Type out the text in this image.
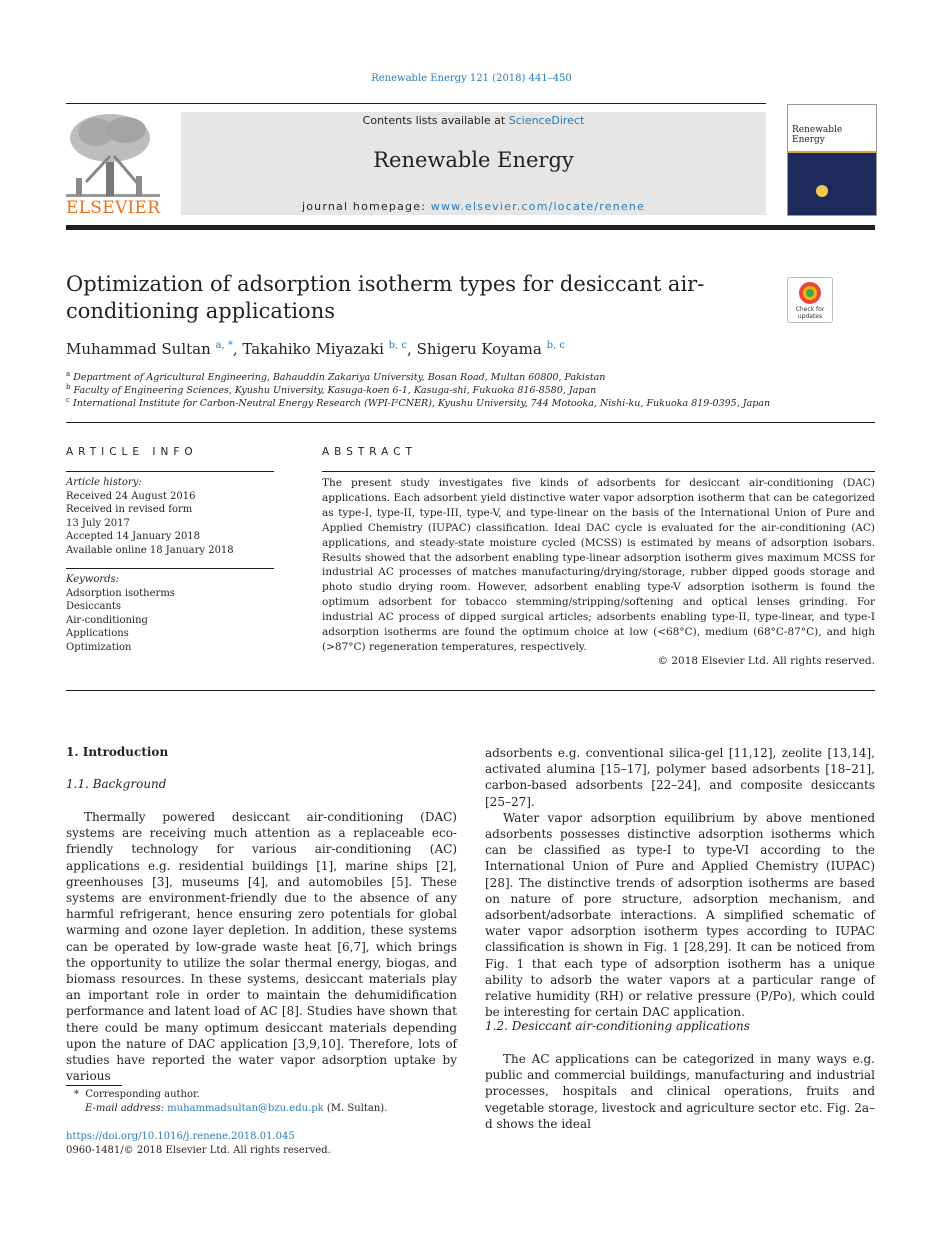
Renewable Energy 121 (2018) 441–450
ELSEVIER
Contents lists available at ScienceDirect
Renewable Energy
journal homepage: www.elsevier.com/locate/renene
Renewable Energy
Optimization of adsorption isotherm types for desiccant air-conditioning applications	Check for updates
Muhammad Sultan $^{a, *}$, Takahiko Miyazaki $^{b, c}$, Shigeru Koyama $^{b, c}$
$^a$ Department of Agricultural Engineering, Bahauddin Zakariya University, Bosan Road, Multan 60800, Pakistan
$^b$ Faculty of Engineering Sciences, Kyushu University, Kasuga-koen 6-1, Kasuga-shi, Fukuoka 816-8580, Japan
$^c$ International Institute for Carbon-Neutral Energy Research (WPI-I²CNER), Kyushu University, 744 Motooka, Nishi-ku, Fukuoka 819-0395, Japan
ARTICLE INFO
Article history:
Received 24 August 2016
Received in revised form
13 July 2017
Accepted 14 January 2018
Available online 18 January 2018
Keywords:
Adsorption isotherms
Desiccants
Air-conditioning
Applications
Optimization
ABSTRACT
The present study investigates five kinds of adsorbents for desiccant air-conditioning (DAC) applications. Each adsorbent yield distinctive water vapor adsorption isotherm that can be categorized as type-I, type-II, type-III, type-V, and type-linear on the basis of the International Union of Pure and Applied Chemistry (IUPAC) classification. Ideal DAC cycle is evaluated for the air-conditioning (AC) applications, and steady-state moisture cycled (MCSS) is estimated by means of adsorption isobars. Results showed that the adsorbent enabling type-linear adsorption isotherm gives maximum MCSS for industrial AC processes of matches manufacturing/drying/storage, rubber dipped goods storage and photo studio drying room. However, adsorbent enabling type-V adsorption isotherm is found the optimum adsorbent for tobacco stemming/stripping/softening and optical lenses grinding. For industrial AC process of dipped surgical articles; adsorbents enabling type-II, type-linear, and type-I adsorption isotherms are found the optimum choice at low (<68°C), medium (68°C-87°C), and high (>87°C) regeneration temperatures, respectively.
© 2018 Elsevier Ltd. All rights reserved.
1. Introduction
1.1. Background

Thermally powered desiccant air-conditioning (DAC) systems are receiving much attention as a replaceable eco-friendly technology for various air-conditioning (AC) applications e.g. residential buildings [1], marine ships [2], greenhouses [3], museums [4], and automobiles [5]. These systems are environment-friendly due to the absence of any harmful refrigerant, hence ensuring zero potentials for global warming and ozone layer depletion. In addition, these systems can be operated by low-grade waste heat [6,7], which brings the opportunity to utilize the solar thermal energy, biogas, and biomass resources. In these systems, desiccant materials play an important role in order to maintain the dehumidification performance and latent load of AC [8]. Studies have shown that there could be many optimum desiccant materials depending upon the nature of DAC application [3,9,10]. Therefore, lots of studies have reported the water vapor adsorption uptake by various

adsorbents e.g. conventional silica-gel [11,12], zeolite [13,14], activated alumina [15–17], polymer based adsorbents [18–21], carbon-based adsorbents [22–24], and composite desiccants [25–27].

Water vapor adsorption equilibrium by above mentioned adsorbents possesses distinctive adsorption isotherms which can be classified as type-I to type-VI according to the International Union of Pure and Applied Chemistry (IUPAC) [28]. The distinctive trends of adsorption isotherms are based on nature of pore structure, adsorption mechanism, and adsorbent/adsorbate interactions. A simplified schematic of water vapor adsorption isotherm types according to IUPAC classification is shown in Fig. 1 [28,29]. It can be noticed from Fig. 1 that each type of adsorption isotherm has a unique ability to adsorb the water vapors at a particular range of relative humidity (RH) or relative pressure (P/Po), which could be interesting for certain DAC application.

1.2. Desiccant air-conditioning applications

The AC applications can be categorized in many ways e.g. public and commercial buildings, manufacturing and industrial processes, hospitals and clinical operations, fruits and vegetable storage, livestock and agriculture sector etc. Fig. 2a–d shows the ideal

* Corresponding author.
E-mail address: muhammadsultan@bzu.edu.pk (M. Sultan).
https://doi.org/10.1016/j.renene.2018.01.045
0960-1481/© 2018 Elsevier Ltd. All rights reserved.
